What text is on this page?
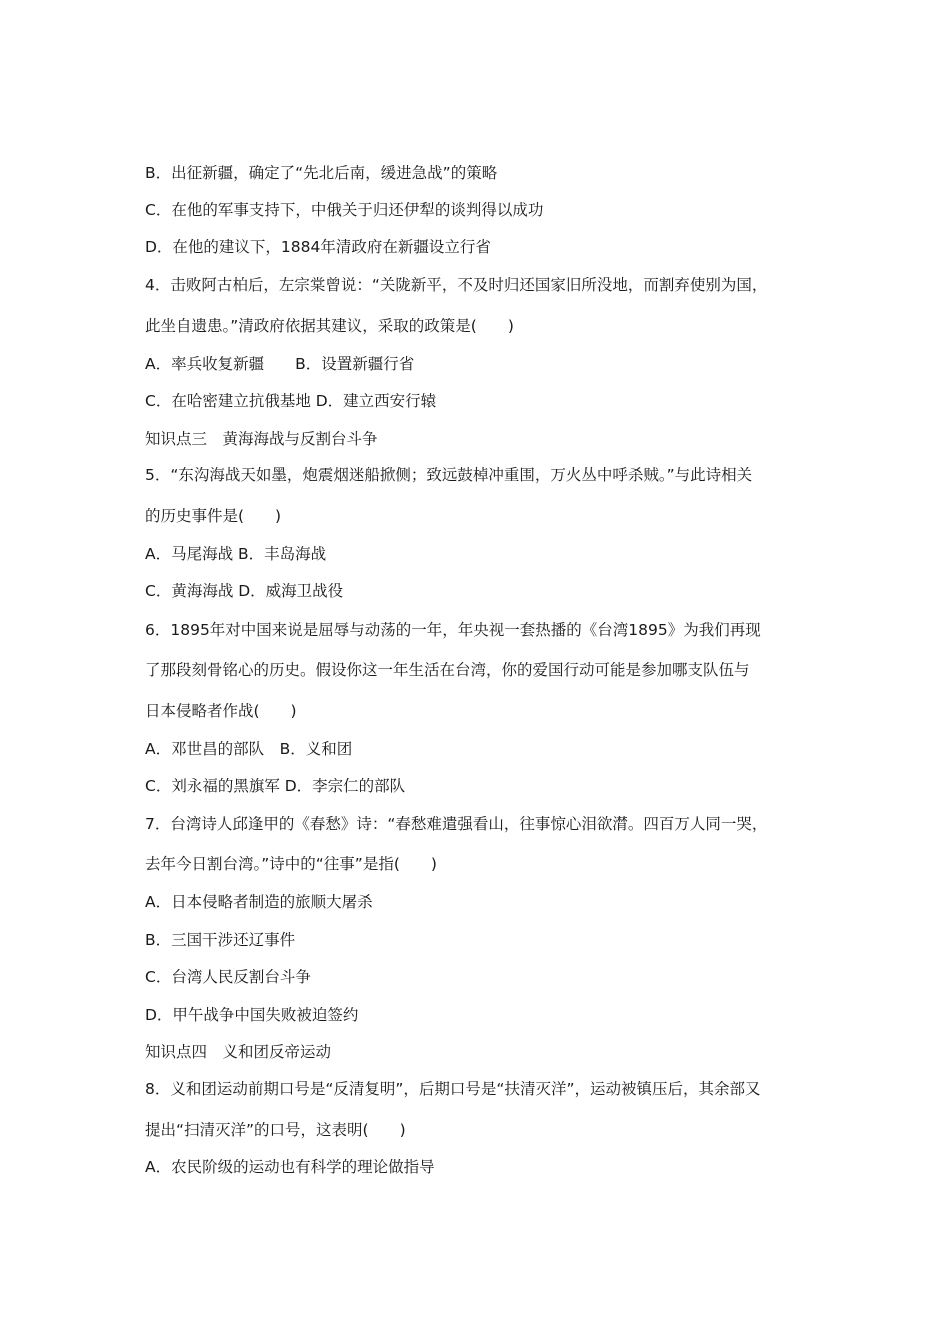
B．出征新疆，确定了“先北后南，缓进急战”的策略
C．在他的军事支持下，中俄关于归还伊犁的谈判得以成功
D．在他的建议下，1884年清政府在新疆设立行省
4．击败阿古柏后，左宗棠曾说：“关陇新平，不及时归还国家旧所没地，而割弃使别为国，
此坐自遗患。”清政府依据其建议，采取的政策是(　　)
A．率兵收复新疆　　B．设置新疆行省
C．在哈密建立抗俄基地 D．建立西安行辕
知识点三　黄海海战与反割台斗争
5．“东沟海战天如墨，炮震烟迷船掀侧；致远鼓棹冲重围，万火丛中呼杀贼。”与此诗相关
的历史事件是(　　)
A．马尾海战 B．丰岛海战
C．黄海海战 D．威海卫战役
6．1895年对中国来说是屈辱与动荡的一年，年央视一套热播的《台湾1895》为我们再现
了那段刻骨铭心的历史。假设你这一年生活在台湾，你的爱国行动可能是参加哪支队伍与
日本侵略者作战(　　)
A．邓世昌的部队　B．义和团
C．刘永福的黑旗军 D．李宗仁的部队
7．台湾诗人邱逢甲的《春愁》诗：“春愁难遣强看山，往事惊心泪欲潸。四百万人同一哭，
去年今日割台湾。”诗中的“往事”是指(　　)
A．日本侵略者制造的旅顺大屠杀
B．三国干涉还辽事件
C．台湾人民反割台斗争
D．甲午战争中国失败被迫签约
知识点四　义和团反帝运动
8．义和团运动前期口号是“反清复明”，后期口号是“扶清灭洋”，运动被镇压后，其余部又
提出“扫清灭洋”的口号，这表明(　　)
A．农民阶级的运动也有科学的理论做指导
